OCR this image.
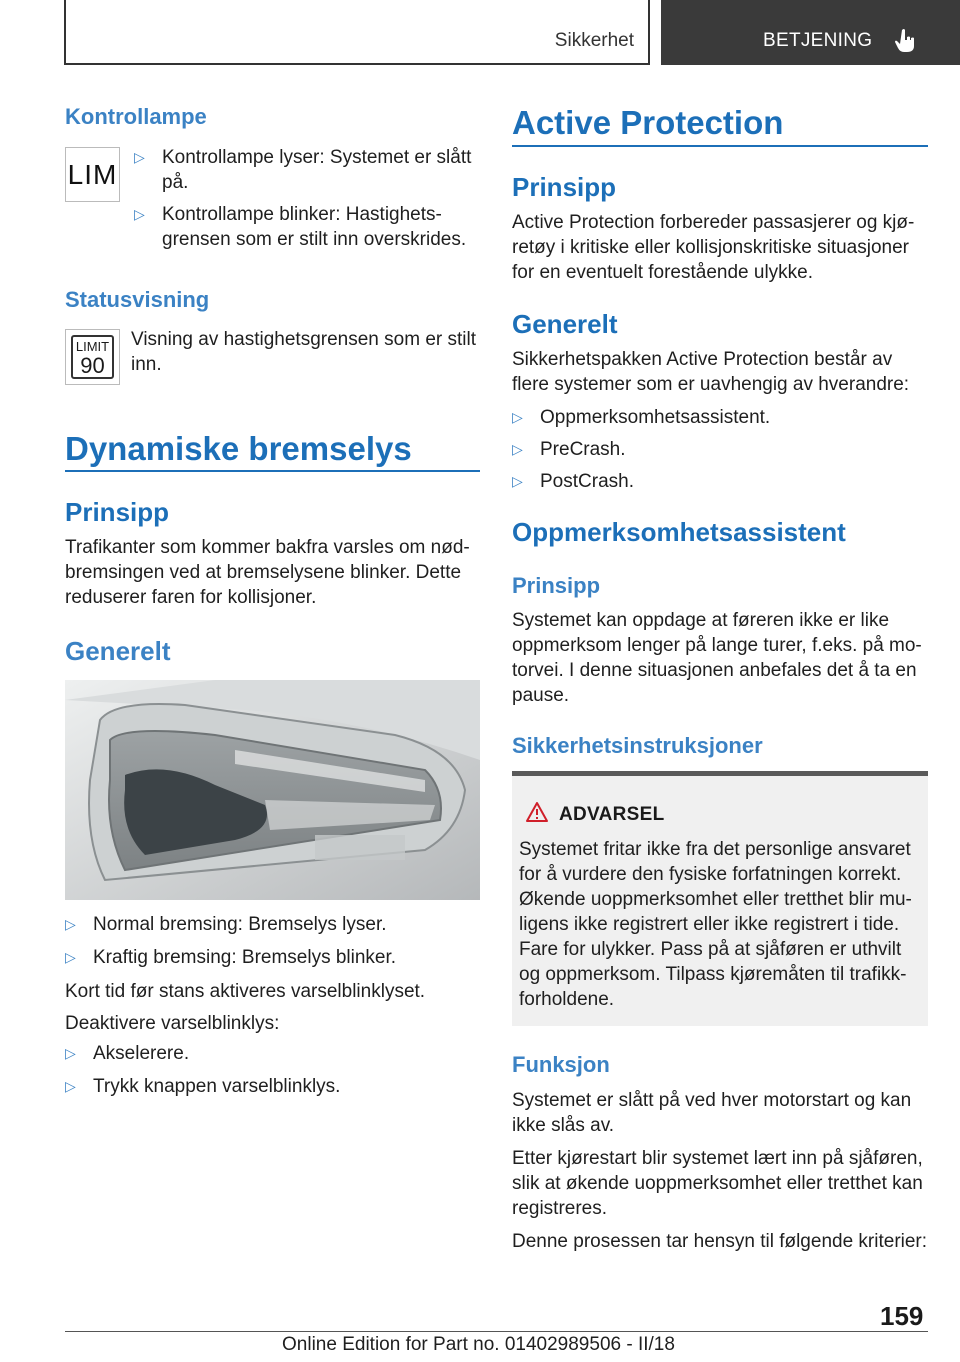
Sikkerhet	BETJENING
Kontrollampe
LIM
▷ Kontrollampe lyser: Systemet er slått på.
▷ Kontrollampe blinker: Hastighets-grensen som er stilt inn overskrides.
Statusvisning
LIMIT
90
Visning av hastighetsgrensen som er stilt inn.
Dynamiske bremselys
Prinsipp
Trafikanter som kommer bakfra varsles om nød-bremsingen ved at bremselysene blinker. Dette reduserer faren for kollisjoner.
Generelt
▷ Normal bremsing: Bremselys lyser.
▷ Kraftig bremsing: Bremselys blinker.
Kort tid før stans aktiveres varselblinklyset.
Deaktivere varselblinklys:
▷ Akselerere.
▷ Trykk knappen varselblinklys.
Active Protection
Prinsipp
Active Protection forbereder passasjerer og kjø-retøy i kritiske eller kollisjonskritiske situasjoner for en eventuelt forestående ulykke.
Generelt
Sikkerhetspakken Active Protection består av flere systemer som er uavhengig av hverandre:
▷ Oppmerksomhetsassistent.
▷ PreCrash.
▷ PostCrash.
Oppmerksomhetsassistent
Prinsipp
Systemet kan oppdage at føreren ikke er like oppmerksom lenger på lange turer, f.eks. på mo-torvei. I denne situasjonen anbefales det å ta en pause.
Sikkerhetsinstruksjoner
ADVARSEL
Systemet fritar ikke fra det personlige ansvaret for å vurdere den fysiske forfatningen korrekt. Økende uoppmerksomhet eller tretthet blir mu-ligens ikke registrert eller ikke registrert i tide. Fare for ulykker. Pass på at sjåføren er uthvilt og oppmerksom. Tilpass kjøremåten til trafikk-forholdene.
Funksjon
Systemet er slått på ved hver motorstart og kan ikke slås av.
Etter kjørestart blir systemet lært inn på sjåføren, slik at økende uoppmerksomhet eller tretthet kan registreres.
Denne prosessen tar hensyn til følgende kriterier:
159
Online Edition for Part no. 01402989506 - II/18
